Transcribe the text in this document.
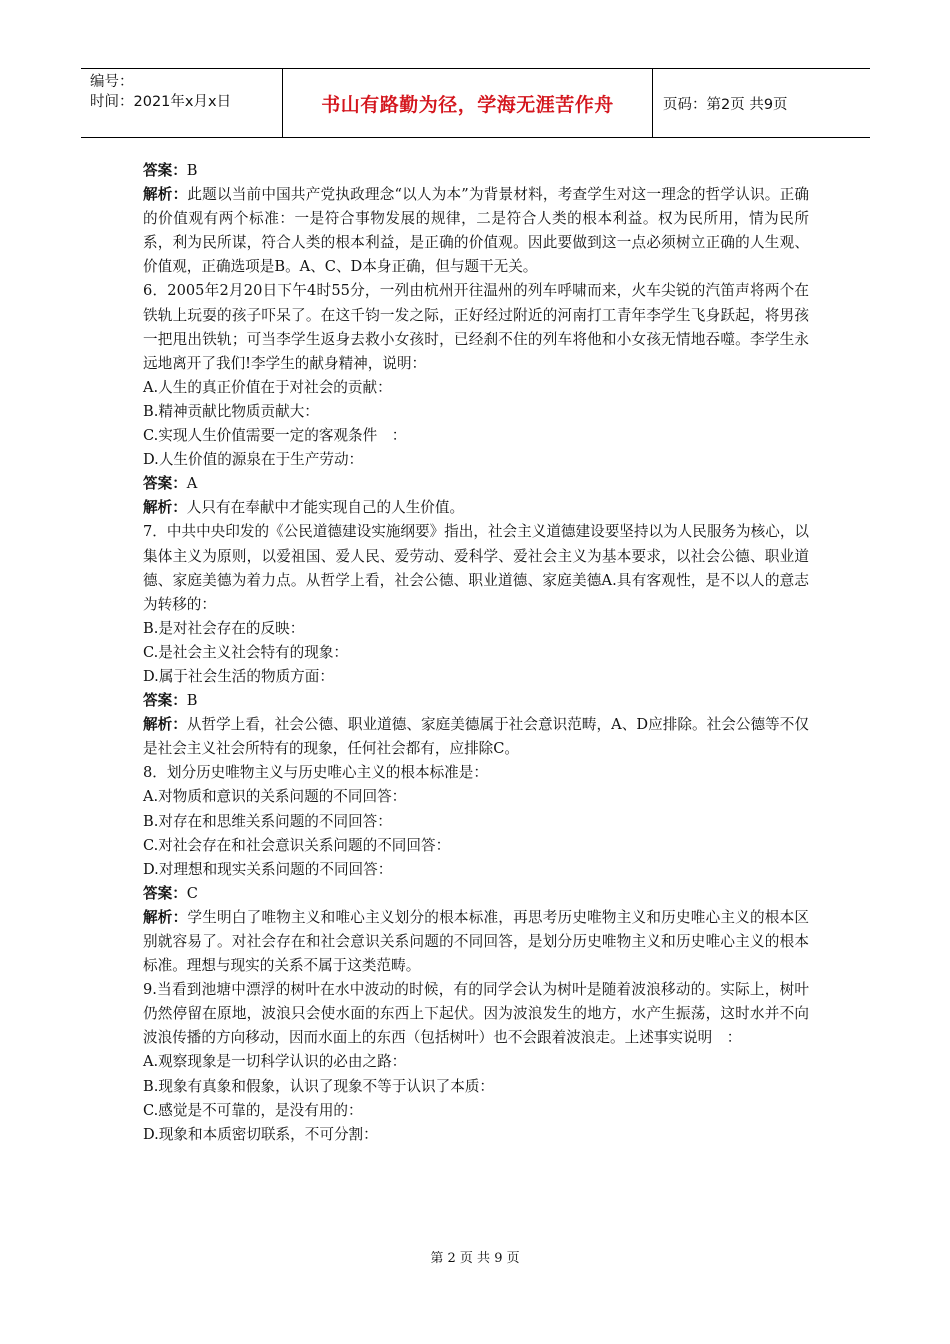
编号：
时间：2021年x月x日	书山有路勤为径，学海无涯苦作舟	页码：第2页 共9页

答案：B

解析：此题以当前中国共产党执政理念“以人为本”为背景材料，考查学生对这一理念的哲学认识。正确的价值观有两个标准：一是符合事物发展的规律，二是符合人类的根本利益。权为民所用，情为民所系，利为民所谋，符合人类的根本利益，是正确的价值观。因此要做到这一点必须树立正确的人生观、价值观，正确选项是B。A、C、D本身正确，但与题干无关。

6．2005年2月20日下午4时55分，一列由杭州开往温州的列车呼啸而来，火车尖锐的汽笛声将两个在铁轨上玩耍的孩子吓呆了。在这千钧一发之际，正好经过附近的河南打工青年李学生飞身跃起，将男孩一把甩出铁轨；可当李学生返身去救小女孩时，已经刹不住的列车将他和小女孩无情地吞噬。李学生永远地离开了我们!李学生的献身精神，说明：

A.人生的真正价值在于对社会的贡献：

B.精神贡献比物质贡献大：

C.实现人生价值需要一定的客观条件　：

D.人生价值的源泉在于生产劳动：

答案：A

解析：人只有在奉献中才能实现自己的人生价值。

7．中共中央印发的《公民道德建设实施纲要》指出，社会主义道德建设要坚持以为人民服务为核心，以集体主义为原则，以爱祖国、爱人民、爱劳动、爱科学、爱社会主义为基本要求，以社会公德、职业道德、家庭美德为着力点。从哲学上看，社会公德、职业道德、家庭美德A.具有客观性，是不以人的意志为转移的：

B.是对社会存在的反映：

C.是社会主义社会特有的现象：

D.属于社会生活的物质方面：

答案：B

解析：从哲学上看，社会公德、职业道德、家庭美德属于社会意识范畴，A、D应排除。社会公德等不仅是社会主义社会所特有的现象，任何社会都有，应排除C。

8．划分历史唯物主义与历史唯心主义的根本标准是：

A.对物质和意识的关系问题的不同回答：

B.对存在和思维关系问题的不同回答：

C.对社会存在和社会意识关系问题的不同回答：

D.对理想和现实关系问题的不同回答：

答案：C

解析：学生明白了唯物主义和唯心主义划分的根本标准，再思考历史唯物主义和历史唯心主义的根本区别就容易了。对社会存在和社会意识关系问题的不同回答，是划分历史唯物主义和历史唯心主义的根本标准。理想与现实的关系不属于这类范畴。

9.当看到池塘中漂浮的树叶在水中波动的时候，有的同学会认为树叶是随着波浪移动的。实际上，树叶仍然停留在原地，波浪只会使水面的东西上下起伏。因为波浪发生的地方，水产生振荡，这时水并不向波浪传播的方向移动，因而水面上的东西（包括树叶）也不会跟着波浪走。上述事实说明　：

A.观察现象是一切科学认识的必由之路：

B.现象有真象和假象，认识了现象不等于认识了本质：

C.感觉是不可靠的，是没有用的：

D.现象和本质密切联系，不可分割：

第 2 页 共 9 页
